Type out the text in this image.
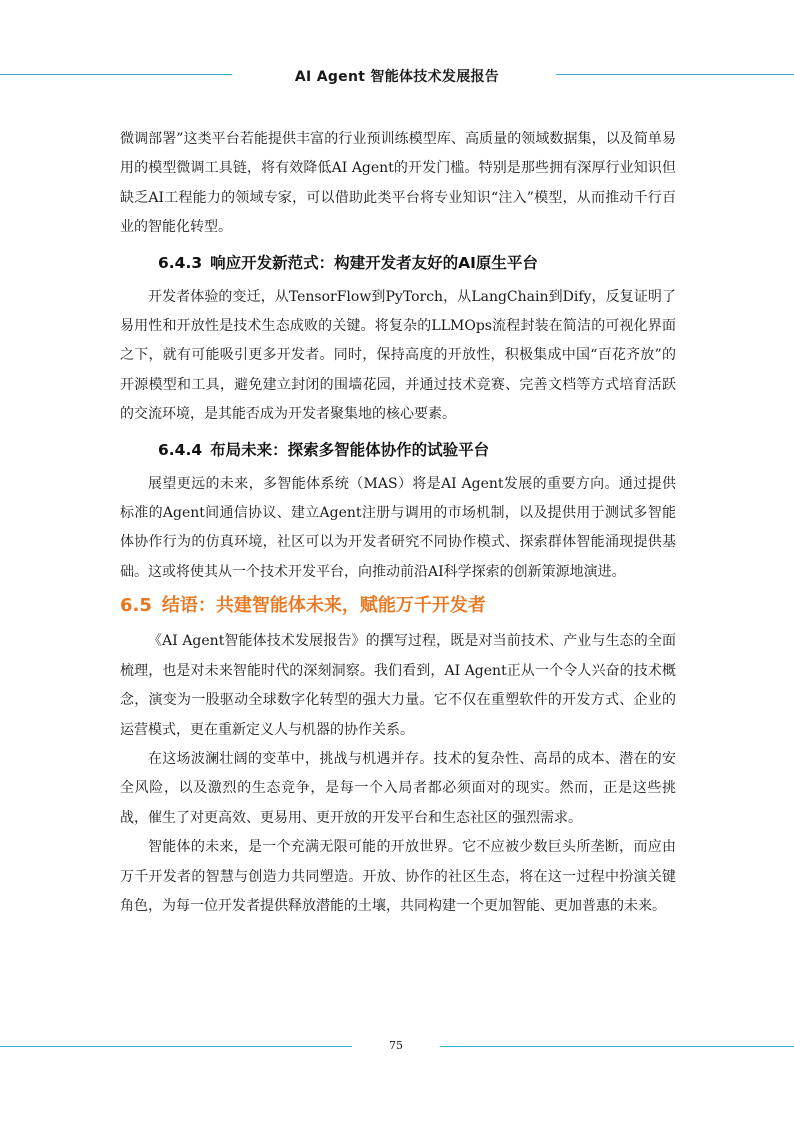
AI Agent 智能体技术发展报告

微调部署”这类平台若能提供丰富的行业预训练模型库、高质量的领域数据集，以及简单易用的模型微调工具链，将有效降低AI Agent的开发门槛。特别是那些拥有深厚行业知识但缺乏AI工程能力的领域专家，可以借助此类平台将专业知识“注入”模型，从而推动千行百业的智能化转型。

6.4.3 响应开发新范式：构建开发者友好的AI原生平台

开发者体验的变迁，从TensorFlow到PyTorch，从LangChain到Dify，反复证明了易用性和开放性是技术生态成败的关键。将复杂的LLMOps流程封装在简洁的可视化界面之下，就有可能吸引更多开发者。同时，保持高度的开放性，积极集成中国“百花齐放”的开源模型和工具，避免建立封闭的围墙花园，并通过技术竞赛、完善文档等方式培育活跃的交流环境，是其能否成为开发者聚集地的核心要素。

6.4.4 布局未来：探索多智能体协作的试验平台

展望更远的未来，多智能体系统（MAS）将是AI Agent发展的重要方向。通过提供标准的Agent间通信协议、建立Agent注册与调用的市场机制，以及提供用于测试多智能体协作行为的仿真环境，社区可以为开发者研究不同协作模式、探索群体智能涌现提供基础。这或将使其从一个技术开发平台，向推动前沿AI科学探索的创新策源地演进。

6.5 结语：共建智能体未来，赋能万千开发者

《AI Agent智能体技术发展报告》的撰写过程，既是对当前技术、产业与生态的全面梳理，也是对未来智能时代的深刻洞察。我们看到，AI Agent正从一个令人兴奋的技术概念，演变为一股驱动全球数字化转型的强大力量。它不仅在重塑软件的开发方式、企业的运营模式，更在重新定义人与机器的协作关系。

在这场波澜壮阔的变革中，挑战与机遇并存。技术的复杂性、高昂的成本、潜在的安全风险，以及激烈的生态竞争，是每一个入局者都必须面对的现实。然而，正是这些挑战，催生了对更高效、更易用、更开放的开发平台和生态社区的强烈需求。

智能体的未来，是一个充满无限可能的开放世界。它不应被少数巨头所垄断，而应由万千开发者的智慧与创造力共同塑造。开放、协作的社区生态，将在这一过程中扮演关键角色，为每一位开发者提供释放潜能的土壤，共同构建一个更加智能、更加普惠的未来。

75
